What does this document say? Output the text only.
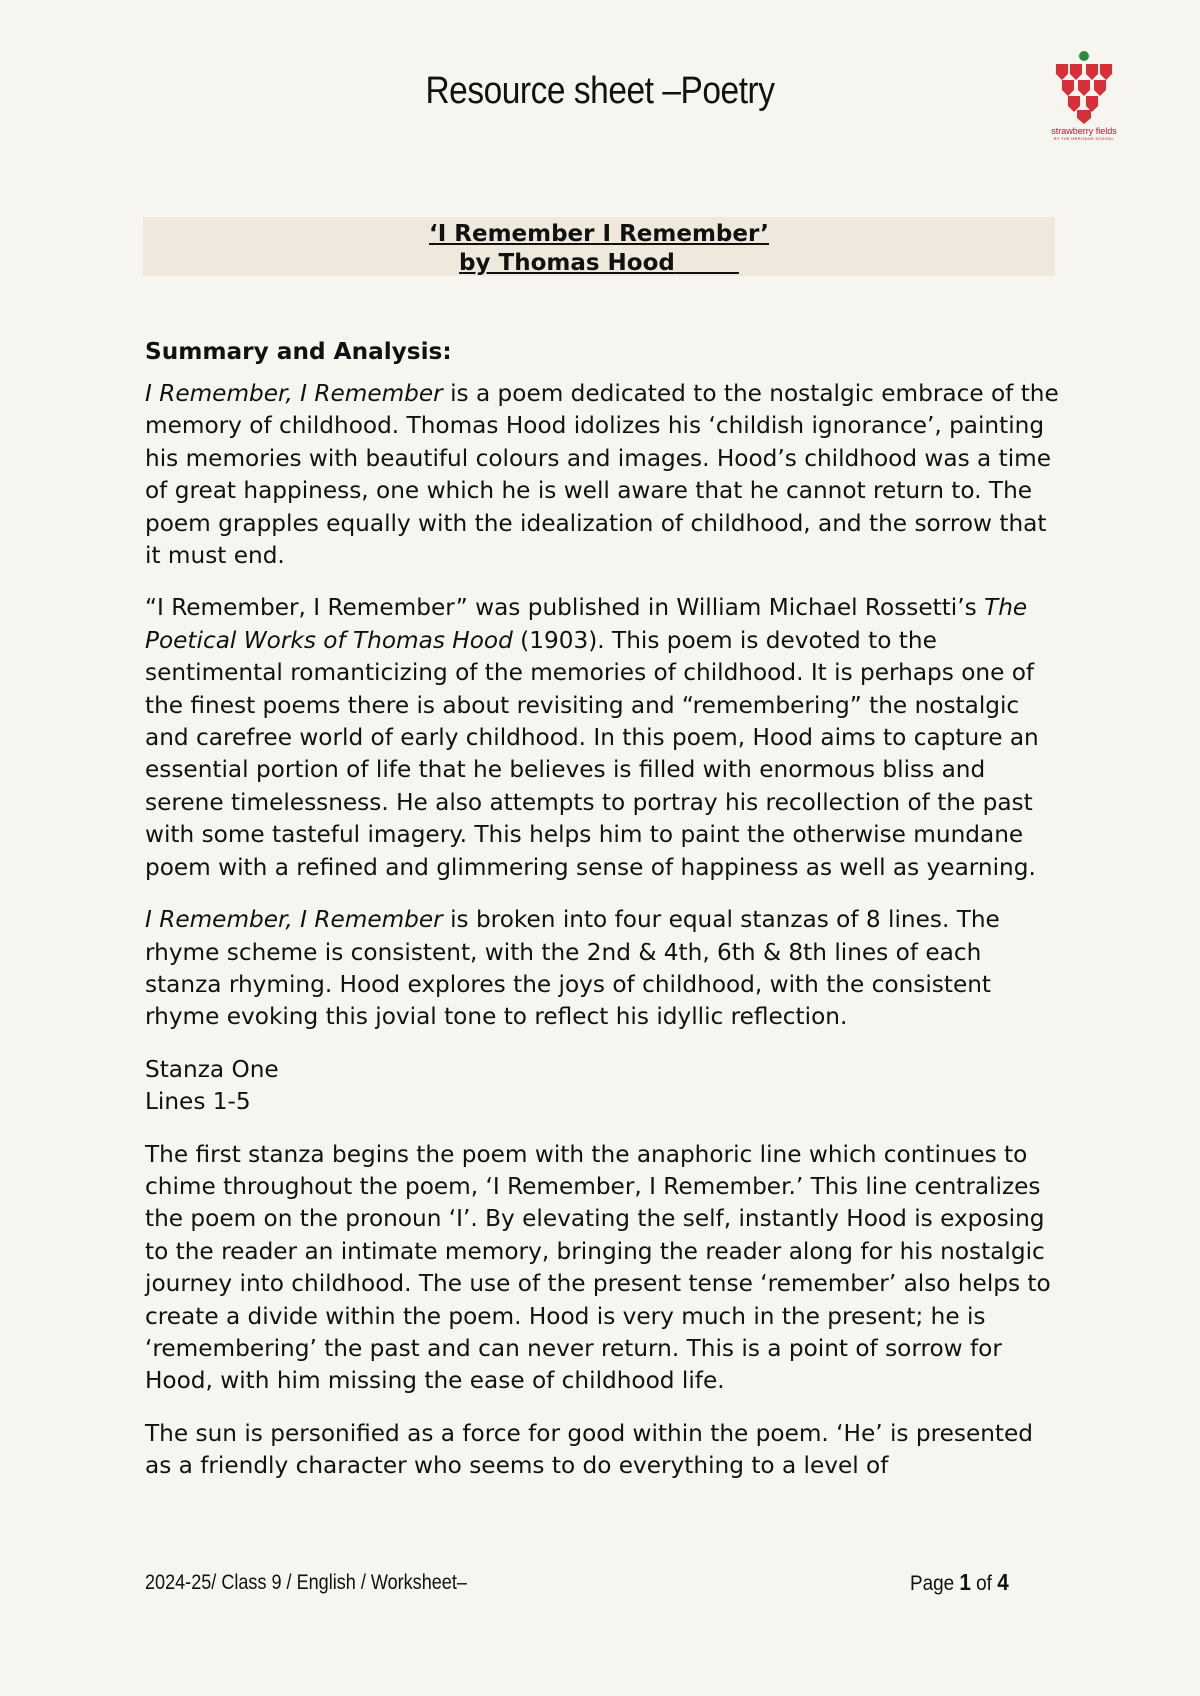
Resource sheet –Poetry
strawberry fields
BY THE HERITAGE SCHOOL
‘I Remember I Remember’
by Thomas Hood
Summary and Analysis:

I Remember, I Remember is a poem dedicated to the nostalgic embrace of the memory of childhood. Thomas Hood idolizes his ‘childish ignorance’, painting his memories with beautiful colours and images. Hood’s childhood was a time of great happiness, one which he is well aware that he cannot return to. The poem grapples equally with the idealization of childhood, and the sorrow that it must end.

“I Remember, I Remember” was published in William Michael Rossetti’s The Poetical Works of Thomas Hood (1903). This poem is devoted to the sentimental romanticizing of the memories of childhood. It is perhaps one of the finest poems there is about revisiting and “remembering” the nostalgic and carefree world of early childhood. In this poem, Hood aims to capture an essential portion of life that he believes is filled with enormous bliss and serene timelessness. He also attempts to portray his recollection of the past with some tasteful imagery. This helps him to paint the otherwise mundane poem with a refined and glimmering sense of happiness as well as yearning.

I Remember, I Remember is broken into four equal stanzas of 8 lines. The rhyme scheme is consistent, with the 2nd & 4th, 6th & 8th lines of each stanza rhyming. Hood explores the joys of childhood, with the consistent rhyme evoking this jovial tone to reflect his idyllic reflection.

Stanza One
Lines 1-5

The first stanza begins the poem with the anaphoric line which continues to chime throughout the poem, ‘I Remember, I Remember.’ This line centralizes the poem on the pronoun ‘I’. By elevating the self, instantly Hood is exposing to the reader an intimate memory, bringing the reader along for his nostalgic journey into childhood. The use of the present tense ‘remember’ also helps to create a divide within the poem. Hood is very much in the present; he is ‘remembering’ the past and can never return. This is a point of sorrow for Hood, with him missing the ease of childhood life.

The sun is personified as a force for good within the poem. ‘He’ is presented as a friendly character who seems to do everything to a level of

2024-25/ Class 9 / English / Worksheet–	Page 1 of 4
